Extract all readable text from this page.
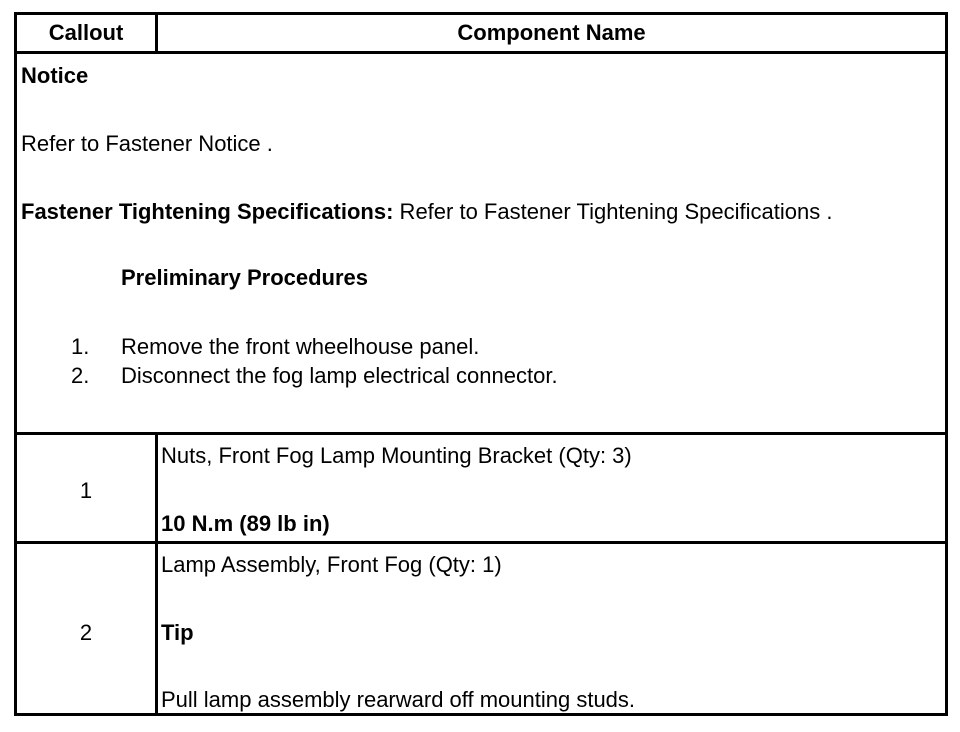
Callout	Component Name
Notice
Refer to Fastener Notice .
Fastener Tightening Specifications: Refer to Fastener Tightening Specifications .
Preliminary Procedures
1. Remove the front wheelhouse panel.
2. Disconnect the fog lamp electrical connector.
1
Nuts, Front Fog Lamp Mounting Bracket (Qty: 3)
10 N.m (89 lb in)
2
Lamp Assembly, Front Fog (Qty: 1)
Tip
Pull lamp assembly rearward off mounting studs.
